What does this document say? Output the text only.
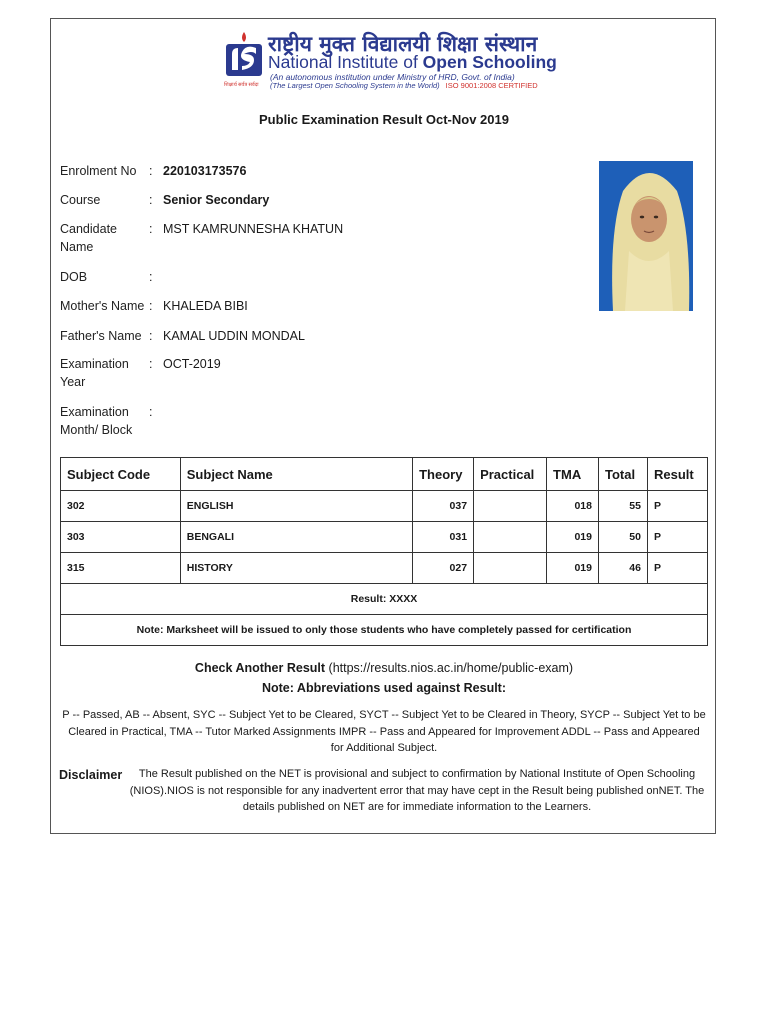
राष्ट्रीय मुक्त विद्यालयी शिक्षा संस्थान
National Institute of Open Schooling
(An autonomous institution under Ministry of HRD, Govt. of India)
(The Largest Open Schooling System in the World) ISO 9001:2008 CERTIFIED
शिक्षार्थ सर्वत्र सर्वदा
Public Examination Result Oct-Nov 2019
Enrolment No	: 220103173576
Course	: Senior Secondary
Candidate Name
: MST KAMRUNNESHA KHATUN
DOB	:
Mother's Name : KHALEDA BIBI
Father's Name : KAMAL UDDIN MONDAL
Examination Year
: OCT-2019
Examination Month/ Block
:
Subject Code	Subject Name	Theory	Practical	TMA	Total	Result
302	ENGLISH	037		018	55	P
303	BENGALI	031		019	50	P
315	HISTORY	027		019	46	P
Result: XXXX						
Note: Marksheet will be issued to only those students who have completely passed for certification						
Check Another Result (https://results.nios.ac.in/home/public-exam)
Note: Abbreviations used against Result:
P -- Passed, AB -- Absent, SYC -- Subject Yet to be Cleared, SYCT -- Subject Yet to be Cleared in Theory, SYCP -- Subject Yet to be Cleared in Practical, TMA -- Tutor Marked Assignments IMPR -- Pass and Appeared for Improvement ADDL -- Pass and Appeared for Additional Subject.
Disclaimer	The Result published on the NET is provisional and subject to confirmation by National Institute of Open Schooling (NIOS).NIOS is not responsible for any inadvertent error that may have cept in the Result being published onNET. The details published on NET are for immediate information to the Learners.
